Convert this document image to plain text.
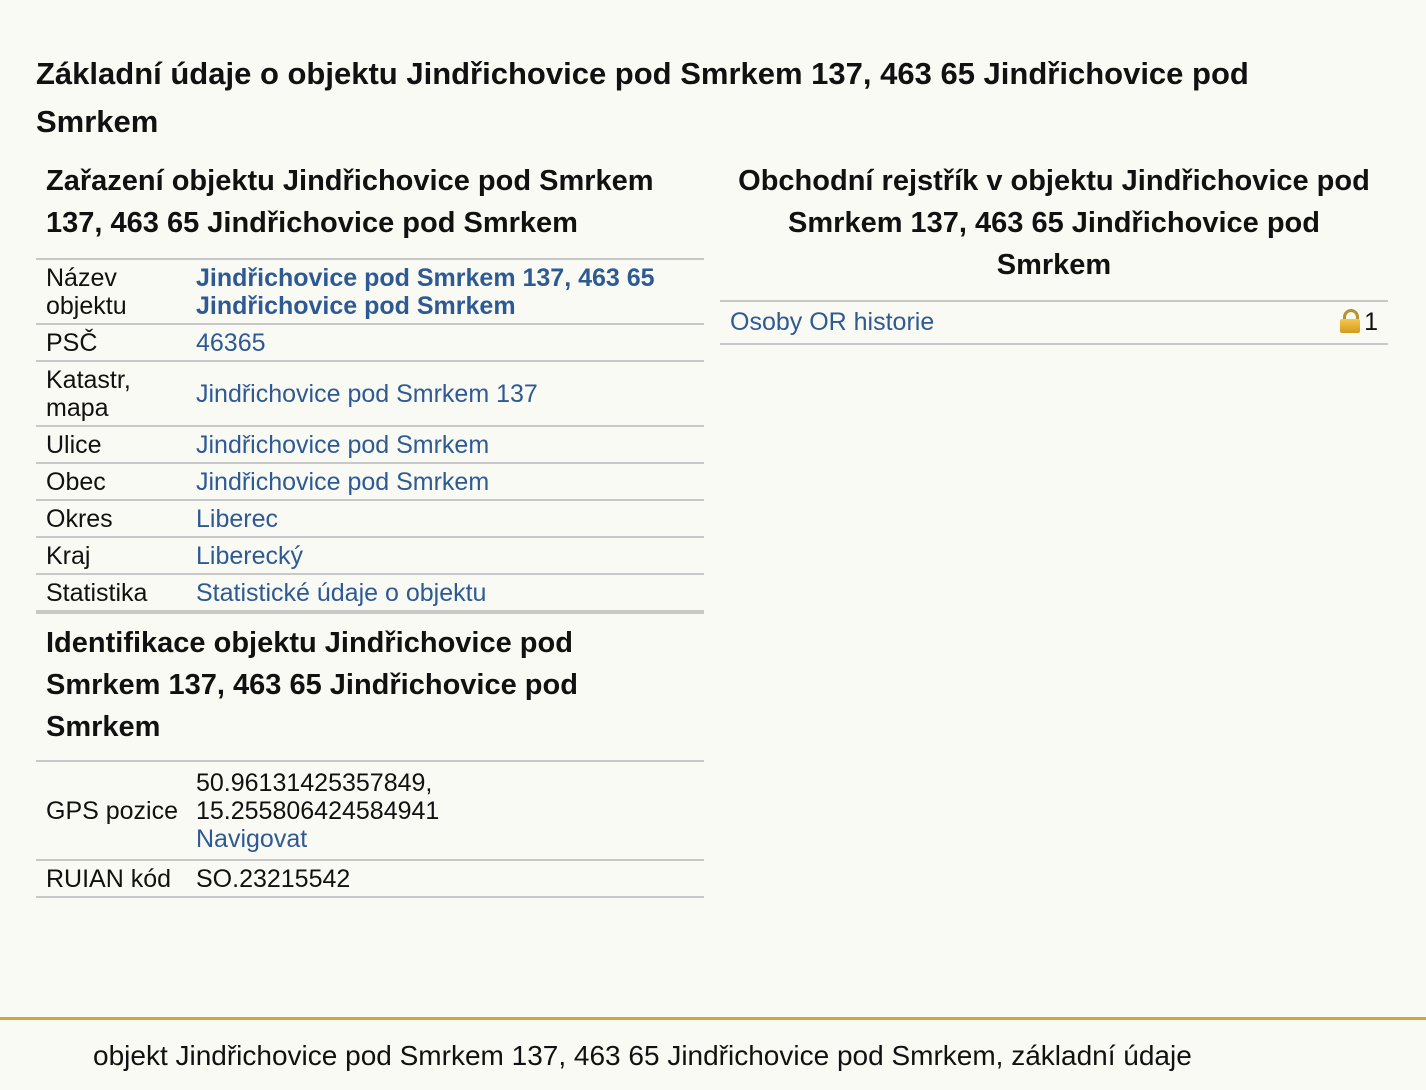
Základní údaje o objektu Jindřichovice pod Smrkem 137, 463 65 Jindřichovice pod Smrkem
Zařazení objektu Jindřichovice pod Smrkem 137, 463 65 Jindřichovice pod Smrkem
Název objektu	Jindřichovice pod Smrkem 137, 463 65 Jindřichovice pod Smrkem
PSČ	46365
Katastr, mapa	Jindřichovice pod Smrkem 137
Ulice	Jindřichovice pod Smrkem
Obec	Jindřichovice pod Smrkem
Okres	Liberec
Kraj	Liberecký
Statistika	Statistické údaje o objektu
Identifikace objektu Jindřichovice pod Smrkem 137, 463 65 Jindřichovice pod Smrkem
GPS pozice	50.96131425357849,
15.255806424584941
Navigovat
RUIAN kód	SO.23215542
Obchodní rejstřík v objektu Jindřichovice pod Smrkem 137, 463 65 Jindřichovice pod Smrkem
Osoby OR historie	1
objekt Jindřichovice pod Smrkem 137, 463 65 Jindřichovice pod Smrkem, základní údaje
